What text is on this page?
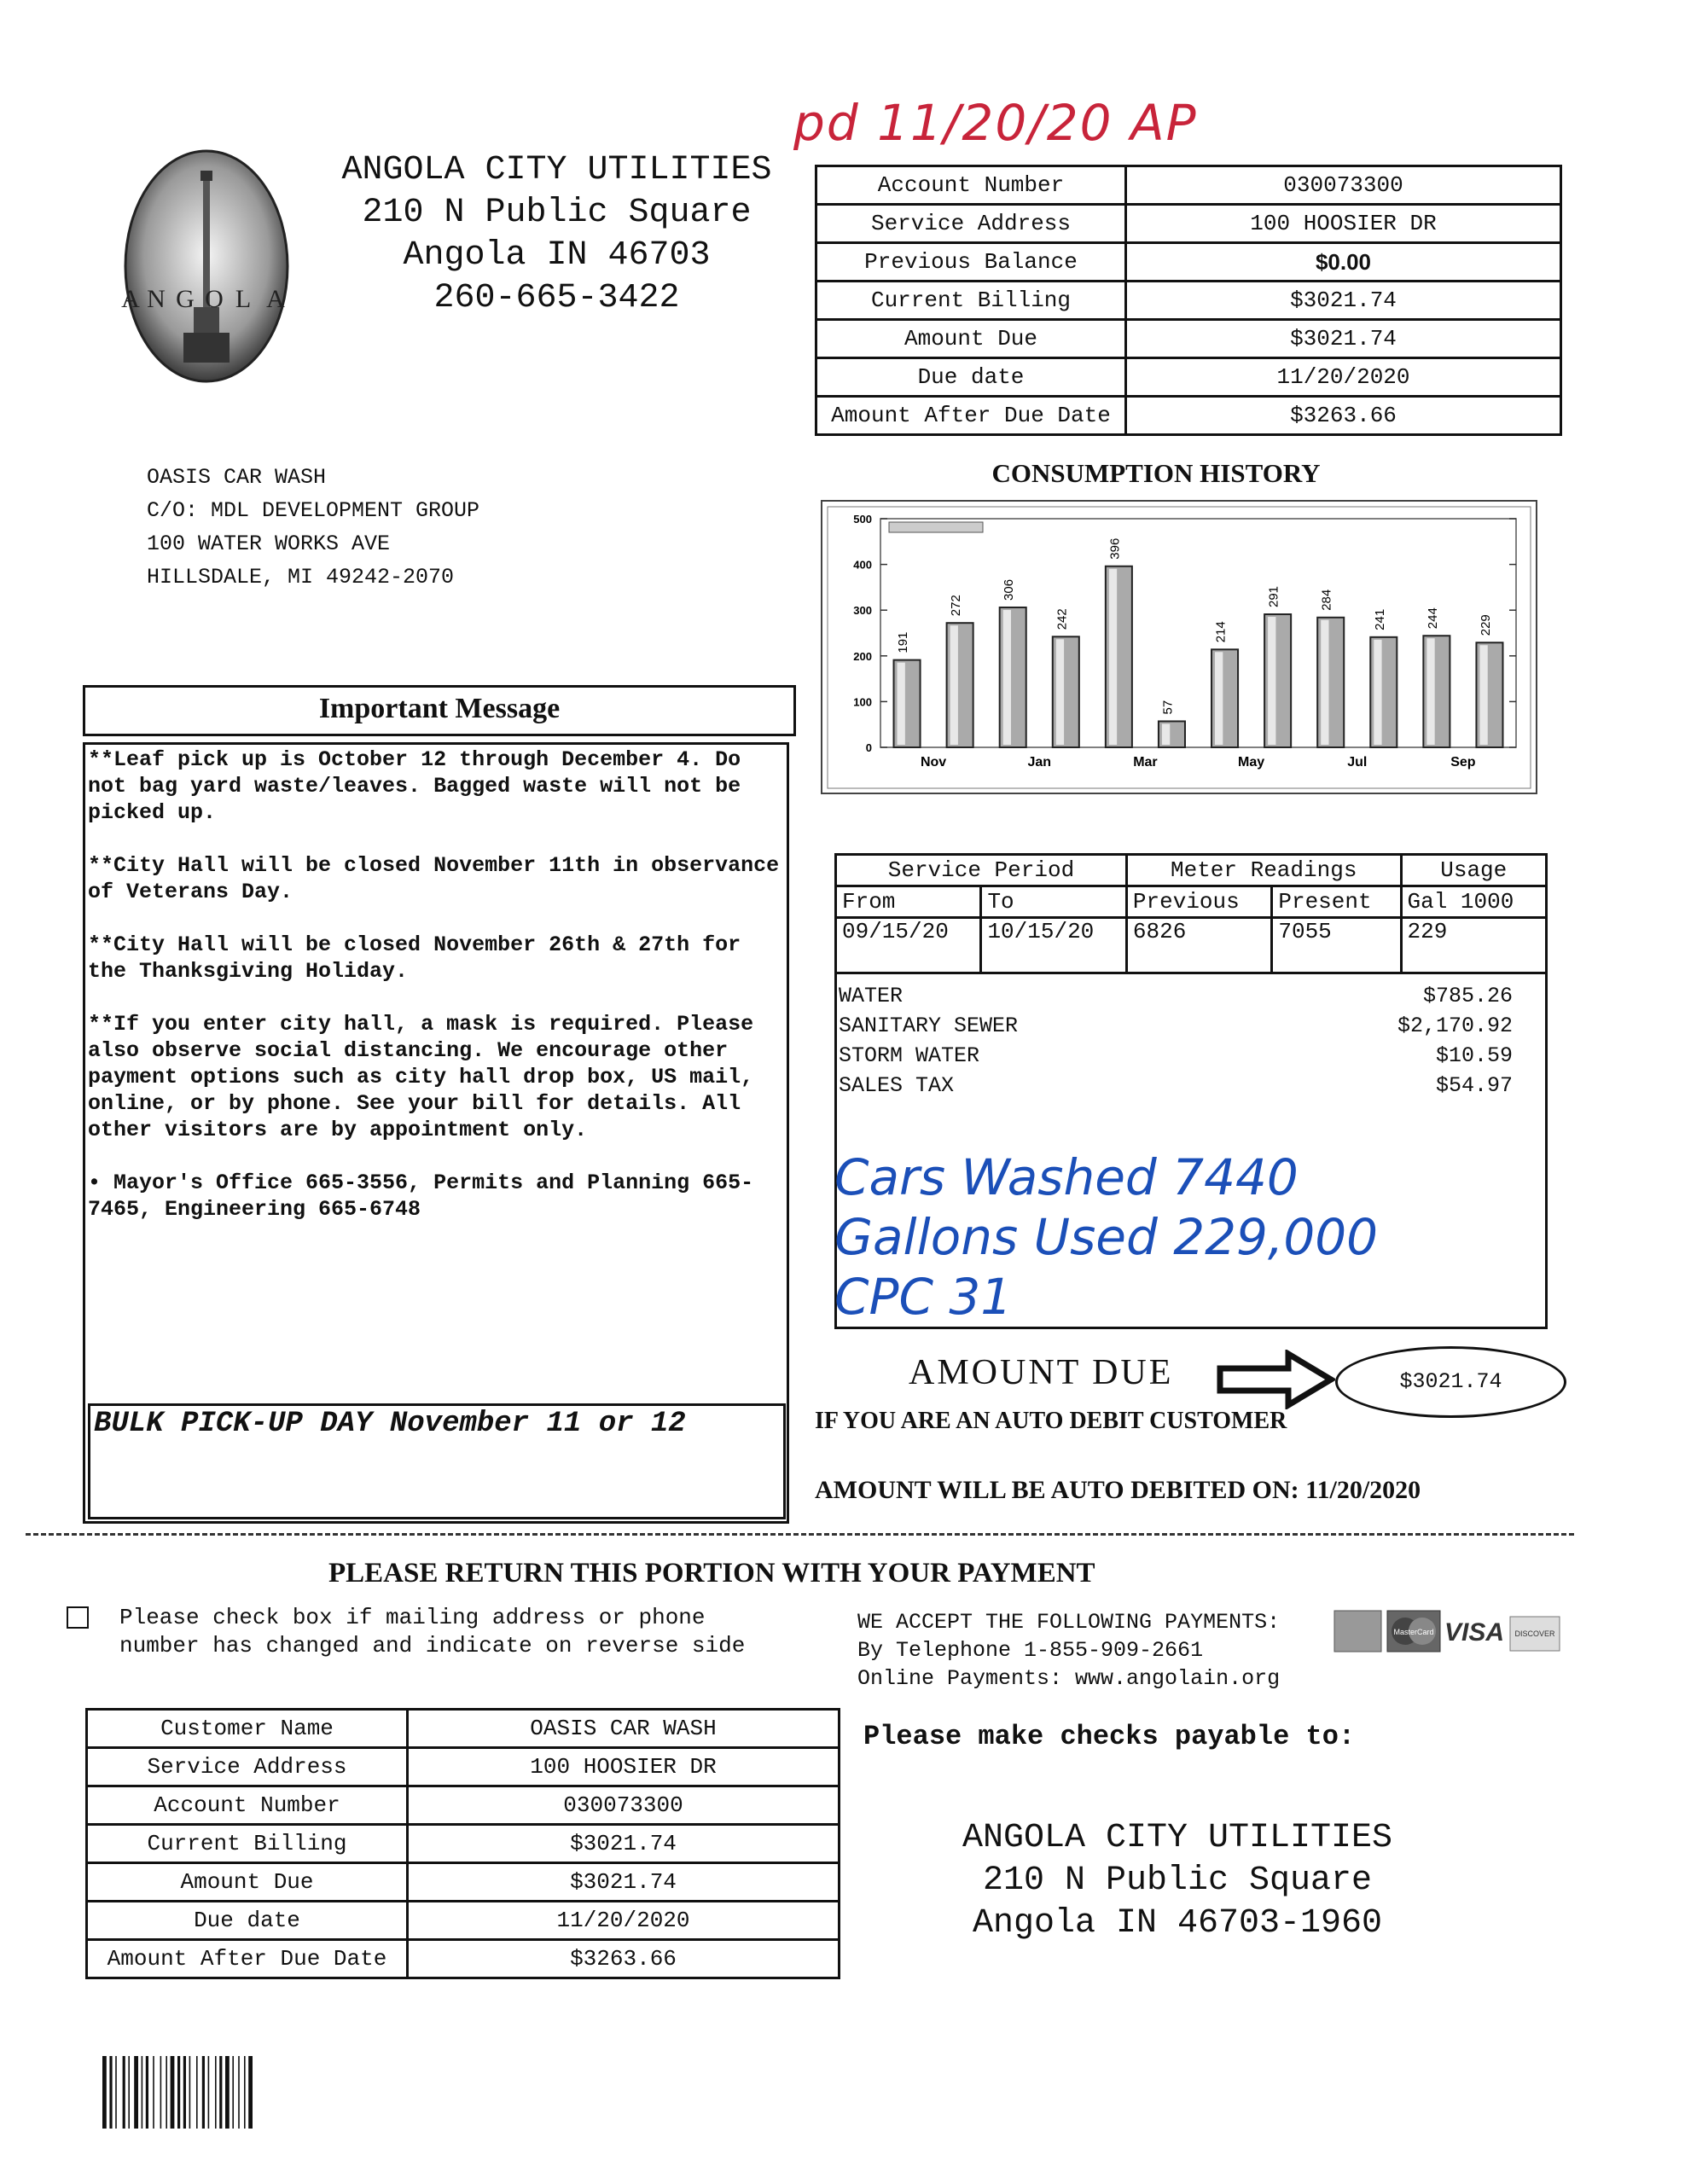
A N G O L A
ANGOLA CITY UTILITIES
210 N Public Square
Angola IN 46703
260-665-3422
pd 11/20/20 AP
Account Number	030073300
Service Address	100 HOOSIER DR
Previous Balance	$0.00
Current Billing	$3021.74
Amount Due	$3021.74
Due date	11/20/2020
Amount After Due Date	$3263.66
OASIS CAR WASH
C/O: MDL DEVELOPMENT GROUP
100 WATER WORKS AVE
HILLSDALE, MI 49242-2070
CONSUMPTION HISTORY
0
100
200
300
400
500
191
272
306
242
396
57
214
291	284
241	244	229
Nov	Jan	Mar	May	Jul	Sep
Important Message

**Leaf pick up is October 12 through December 4. Do not bag yard waste/leaves. Bagged waste will not be picked up.

**City Hall will be closed November 11th in observance of Veterans Day.

**City Hall will be closed November 26th & 27th for the Thanksgiving Holiday.

**If you enter city hall, a mask is required. Please also observe social distancing. We encourage other payment options such as city hall drop box, US mail, online, or by phone. See your bill for details. All other visitors are by appointment only.

• Mayor's Office 665-3556, Permits and Planning 665-7465, Engineering 665-6748

BULK PICK-UP DAY November 11 or 12
Service Period		Meter Readings		Usage
From	To	Previous	Present	Gal 1000
09/15/20	10/15/20	6826	7055	229
WATER	$785.26
SANITARY SEWER	$2,170.92
STORM WATER	$10.59
SALES TAX	$54.97
Cars Washed 7440
Gallons Used 229,000
CPC 31
AMOUNT DUE	$3021.74
IF YOU ARE AN AUTO DEBIT CUSTOMER
AMOUNT WILL BE AUTO DEBITED ON: 11/20/2020
PLEASE RETURN THIS PORTION WITH YOUR PAYMENT
Please check box if mailing address or phone
number has changed and indicate on reverse side
WE ACCEPT THE FOLLOWING PAYMENTS:
By Telephone 1-855-909-2661
Online Payments: www.angolain.org
MasterCard VISA DISCOVER
Customer Name	OASIS CAR WASH
Service Address	100 HOOSIER DR
Account Number	030073300
Current Billing	$3021.74
Amount Due	$3021.74
Due date	11/20/2020
Amount After Due Date	$3263.66
Please make checks payable to:
ANGOLA CITY UTILITIES
210 N Public Square
Angola IN 46703-1960
